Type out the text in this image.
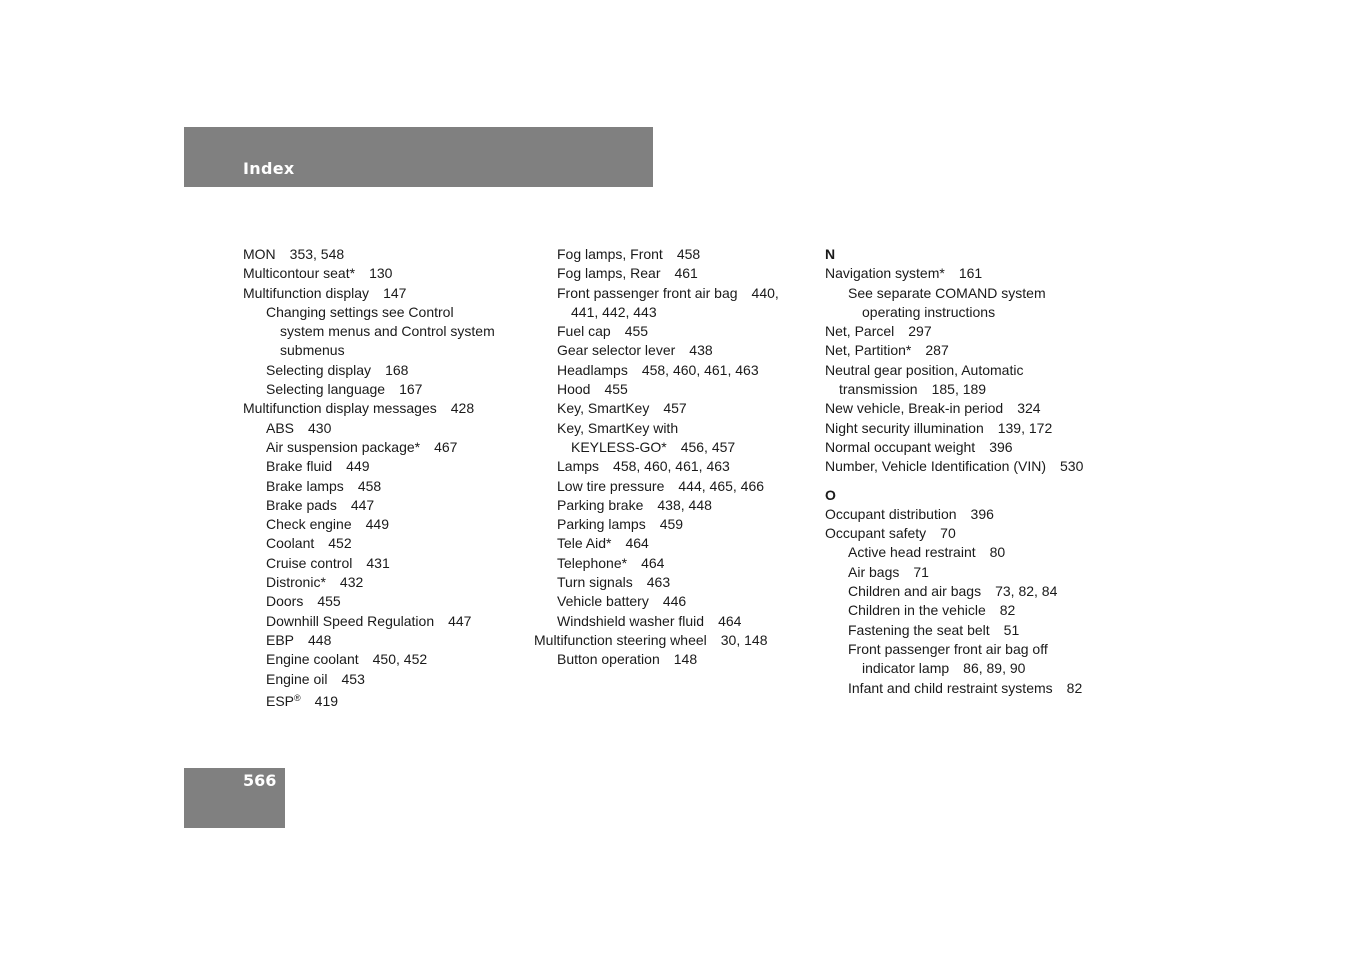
Index
MON 353, 548
Multicontour seat* 130
Multifunction display 147
Changing settings see Control
system menus and Control system
submenus
Selecting display 168
Selecting language 167
Multifunction display messages 428
ABS 430
Air suspension package* 467
Brake fluid 449
Brake lamps 458
Brake pads 447
Check engine 449
Coolant 452
Cruise control 431
Distronic* 432
Doors 455
Downhill Speed Regulation 447
EBP 448
Engine coolant 450, 452
Engine oil 453
ESP® 419
Fog lamps, Front 458
Fog lamps, Rear 461
Front passenger front air bag 440,
441, 442, 443
Fuel cap 455
Gear selector lever 438
Headlamps 458, 460, 461, 463
Hood 455
Key, SmartKey 457
Key, SmartKey with
KEYLESS-GO* 456, 457
Lamps 458, 460, 461, 463
Low tire pressure 444, 465, 466
Parking brake 438, 448
Parking lamps 459
Tele Aid* 464
Telephone* 464
Turn signals 463
Vehicle battery 446
Windshield washer fluid 464
Multifunction steering wheel 30, 148
Button operation 148
N
Navigation system* 161
See separate COMAND system
operating instructions
Net, Parcel 297
Net, Partition* 287
Neutral gear position, Automatic
transmission 185, 189
New vehicle, Break-in period 324
Night security illumination 139, 172
Normal occupant weight 396
Number, Vehicle Identification (VIN) 530
O
Occupant distribution 396
Occupant safety 70
Active head restraint 80
Air bags 71
Children and air bags 73, 82, 84
Children in the vehicle 82
Fastening the seat belt 51
Front passenger front air bag off
indicator lamp 86, 89, 90
Infant and child restraint systems 82
566
